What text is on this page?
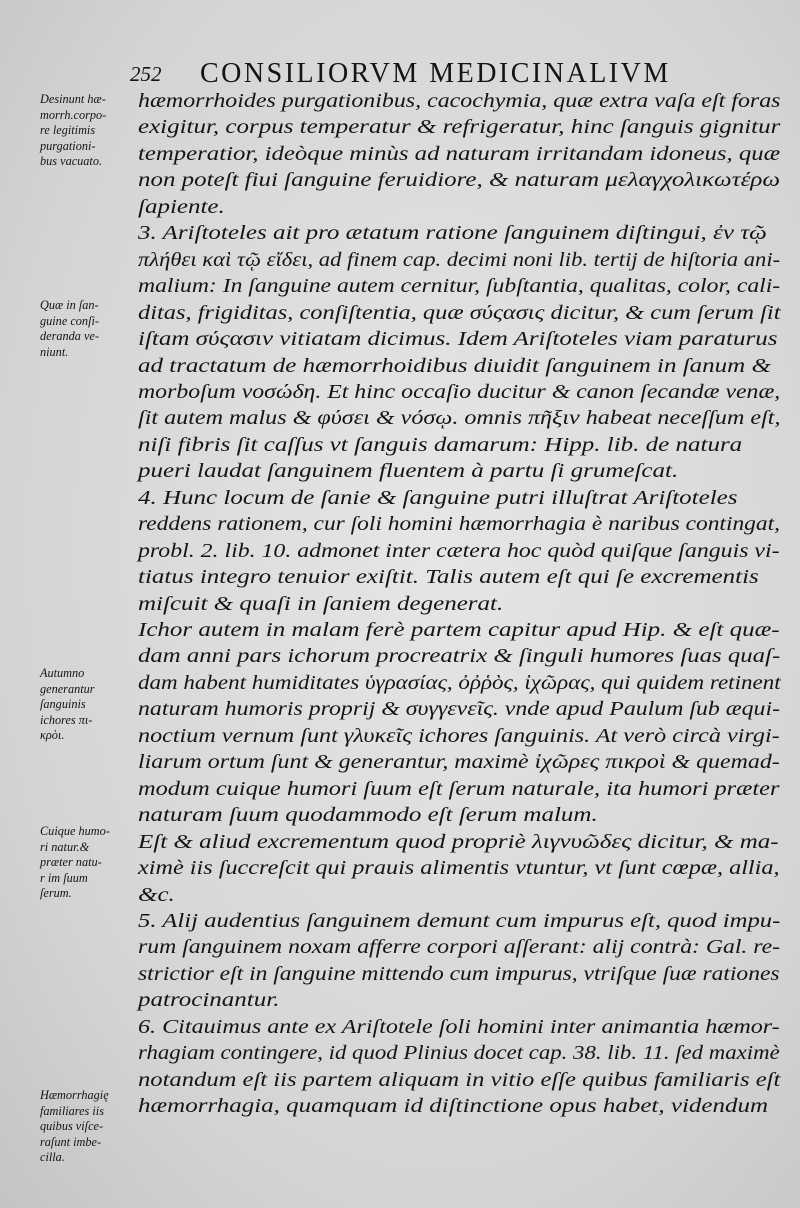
252 CONSILIORVM MEDICINALIVM
Desinunt hæ-
morrh.corpo-
re legitimis
purgationi-
bus vacuato.
Quæ in ſan-
guine conſi-
deranda ve-
niunt.
Autumno
generantur
ſanguinis
ichores πι-
κρὸι.
Cuique humo-
ri natur.&
præter natu-
r im ſuum
ſerum.
Hæmorrhagię
familiares iis
quibus viſce-
raſunt imbe-
cilla.
hæmorrhoides purgationibus, cacochymia, quæ extra vaſa eſt foras
exigitur, corpus temperatur & refrigeratur, hinc ſanguis gignitur
temperatior, ideòque minùs ad naturam irritandam idoneus, quæ
non poteſt fiui ſanguine feruidiore, & naturam μελαγχολικωτέρω
ſapiente.
3. Ariſtoteles ait pro ætatum ratione ſanguinem diſtingui, ἐν τῷ
πλήθει καὶ τῷ εἴδει, ad finem cap. decimi noni lib. tertij de hiſtoria ani-
malium: In ſanguine autem cernitur, ſubſtantia, qualitas, color, cali-
ditas, frigiditas, conſiſtentia, quæ σύςασις dicitur, & cum ſerum ſit
iſtam σύςασιν vitiatam dicimus. Idem Ariſtoteles viam paraturus
ad tractatum de hæmorrhoidibus diuidit ſanguinem in ſanum &
morboſum νοσώδη. Et hinc occaſio ducitur & canon ſecandæ venæ,
ſit autem malus & φύσει & νόσῳ. omnis πῆξιν habeat neceſſum eſt,
niſi fibris ſit caſſus vt ſanguis damarum: Hipp. lib. de natura
pueri laudat ſanguinem fluentem à partu ſi grumeſcat.
4. Hunc locum de ſanie & ſanguine putri illuſtrat Ariſtoteles
reddens rationem, cur ſoli homini hæmorrhagia è naribus contingat,
probl. 2. lib. 10. admonet inter cætera hoc quòd quiſque ſanguis vi-
tiatus integro tenuior exiſtit. Talis autem eſt qui ſe excrementis
miſcuit & quaſi in ſaniem degenerat.
Ichor autem in malam ferè partem capitur apud Hip. & eſt quæ-
dam anni pars ichorum procreatrix & ſinguli humores ſuas quaſ-
dam habent humiditates ὑγρασίας, ὀῤῥὸς, ἰχῶρας, qui quidem retinent
naturam humoris proprij & συγγενεῖς. vnde apud Paulum ſub æqui-
noctium vernum ſunt γλυκεῖς ichores ſanguinis. At verò circà virgi-
liarum ortum ſunt & generantur, maximè ἰχῶρες πικροὶ & quemad-
modum cuique humori ſuum eſt ſerum naturale, ita humori præter
naturam ſuum quodammodo eſt ſerum malum.
Eſt & aliud excrementum quod propriè λιγνυῶδες dicitur, & ma-
ximè iis ſuccreſcit qui prauis alimentis vtuntur, vt ſunt cœpæ, allia,
&c.
5. Alij audentius ſanguinem demunt cum impurus eſt, quod impu-
rum ſanguinem noxam afferre corpori aſſerant: alij contrà: Gal. re-
strictior eſt in ſanguine mittendo cum impurus, vtriſque ſuæ rationes
patrocinantur.
6. Citauimus ante ex Ariſtotele ſoli homini inter animantia hæmor-
rhagiam contingere, id quod Plinius docet cap. 38. lib. 11. ſed maximè
notandum eſt iis partem aliquam in vitio eſſe quibus familiaris eſt
hæmorrhagia, quamquam id diſtinctione opus habet, videndum
